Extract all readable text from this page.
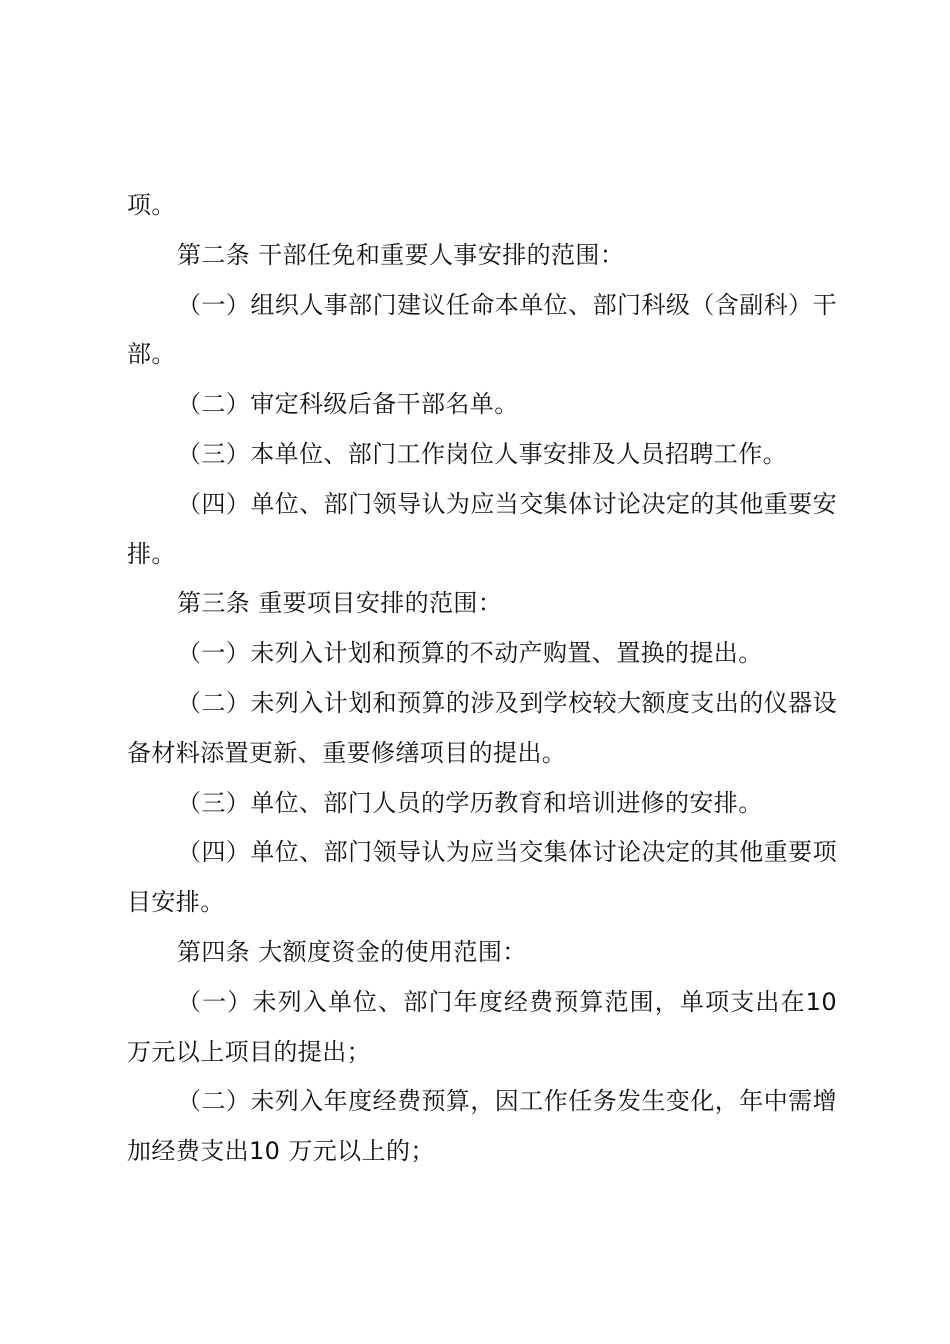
项。

第二条 干部任免和重要人事安排的范围：

（一）组织人事部门建议任命本单位、部门科级（含副科）干部。

（二）审定科级后备干部名单。

（三）本单位、部门工作岗位人事安排及人员招聘工作。

（四）单位、部门领导认为应当交集体讨论决定的其他重要安排。

第三条 重要项目安排的范围：

（一）未列入计划和预算的不动产购置、置换的提出。

（二）未列入计划和预算的涉及到学校较大额度支出的仪器设备材料添置更新、重要修缮项目的提出。

（三）单位、部门人员的学历教育和培训进修的安排。

（四）单位、部门领导认为应当交集体讨论决定的其他重要项目安排。

第四条 大额度资金的使用范围：

（一）未列入单位、部门年度经费预算范围，单项支出在10 万元以上项目的提出；

（二）未列入年度经费预算，因工作任务发生变化，年中需增加经费支出10 万元以上的；
